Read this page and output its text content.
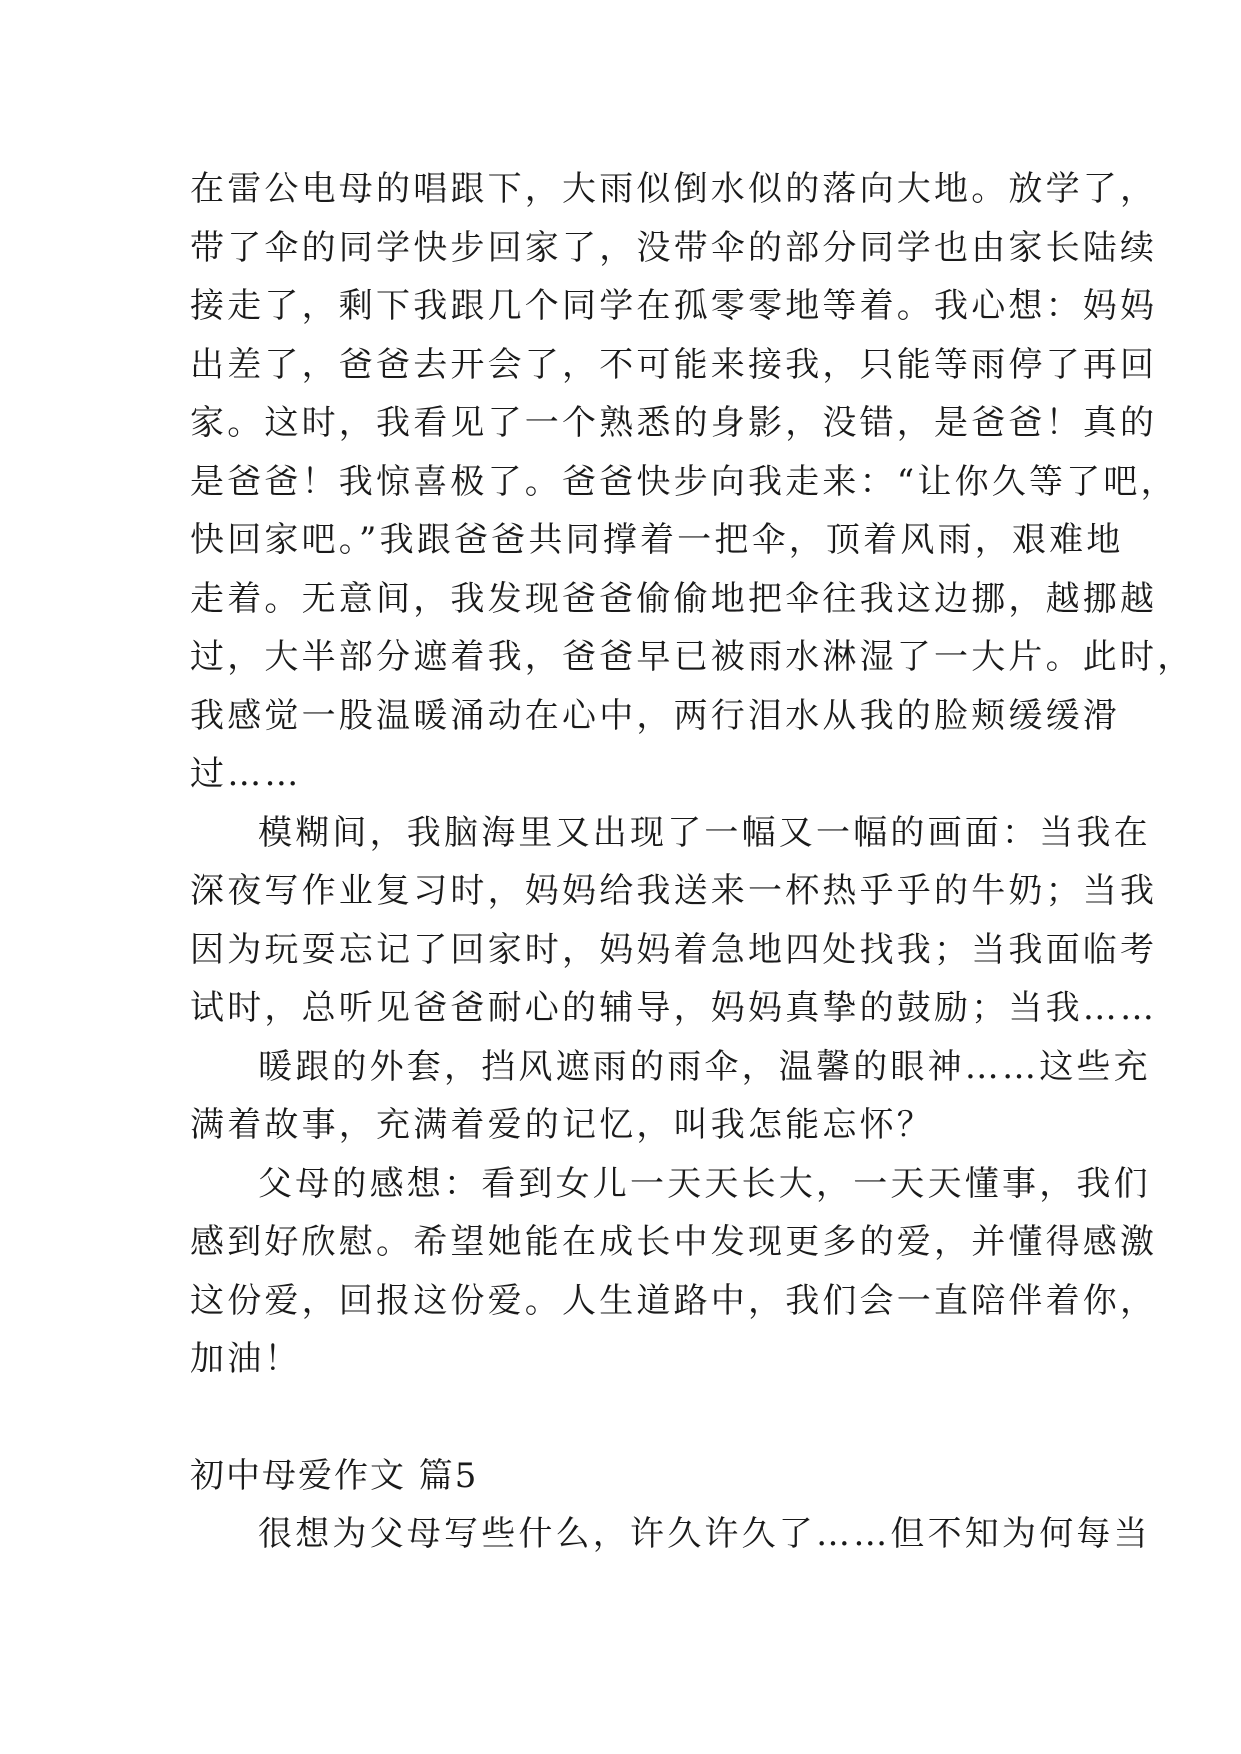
在雷公电母的唱跟下，大雨似倒水似的落向大地。放学了，
带了伞的同学快步回家了，没带伞的部分同学也由家长陆续
接走了，剩下我跟几个同学在孤零零地等着。我心想：妈妈
出差了，爸爸去开会了，不可能来接我，只能等雨停了再回
家。这时，我看见了一个熟悉的身影，没错，是爸爸！真的
是爸爸！我惊喜极了。爸爸快步向我走来：“让你久等了吧，
快回家吧。”我跟爸爸共同撑着一把伞，顶着风雨，艰难地
走着。无意间，我发现爸爸偷偷地把伞往我这边挪，越挪越
过，大半部分遮着我，爸爸早已被雨水淋湿了一大片。此时，
我感觉一股温暖涌动在心中，两行泪水从我的脸颊缓缓滑
过……
模糊间，我脑海里又出现了一幅又一幅的画面：当我在
深夜写作业复习时，妈妈给我送来一杯热乎乎的牛奶；当我
因为玩耍忘记了回家时，妈妈着急地四处找我；当我面临考
试时，总听见爸爸耐心的辅导，妈妈真挚的鼓励；当我……
暖跟的外套，挡风遮雨的雨伞，温馨的眼神……这些充
满着故事，充满着爱的记忆，叫我怎能忘怀？
父母的感想：看到女儿一天天长大，一天天懂事，我们
感到好欣慰。希望她能在成长中发现更多的爱，并懂得感激
这份爱，回报这份爱。人生道路中，我们会一直陪伴着你，
加油！
初中母爱作文 篇5
很想为父母写些什么，许久许久了……但不知为何每当
